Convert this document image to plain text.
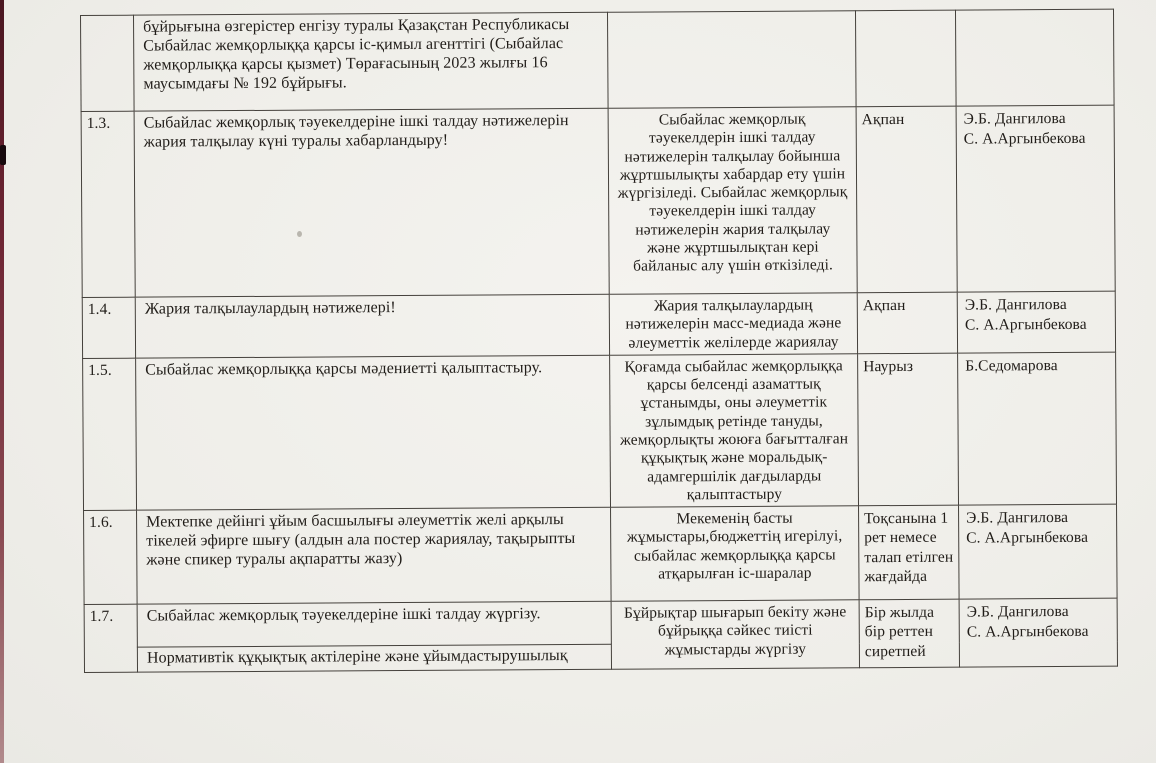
	бұйрығына өзгерістер енгізу туралы Қазақстан Республикасы Сыбайлас жемқорлыққа қарсы іс-қимыл агенттігі (Сыбайлас жемқорлыққа қарсы қызмет) Төрағасының 2023 жылғы 16 маусымдағы № 192 бұйрығы.			
1.3.	Сыбайлас жемқорлық тәуекелдеріне ішкі талдау нәтижелерін жария талқылау күні туралы хабарландыру!	Сыбайлас жемқорлық тәуекелдерін ішкі талдау нәтижелерін талқылау бойынша жұртшылықты хабардар ету үшін жүргізіледі. Сыбайлас жемқорлық тәуекелдерін ішкі талдау нәтижелерін жария талқылау және жұртшылықтан кері байланыс алу үшін өткізіледі.	Ақпан	Э.Б. Дангилова
С. А.Аргынбекова

1.4.	Жария талқылаулардың нәтижелері!	Жария талқылаулардың нәтижелерін масс-медиада және әлеуметтік желілерде жариялау	Ақпан	Э.Б. Дангилова
С. А.Аргынбекова

1.5.	Сыбайлас жемқорлыққа қарсы мәдениетті қалыптастыру.	Қоғамда сыбайлас жемқорлыққа қарсы белсенді азаматтық ұстанымды, оны әлеуметтік зұлымдық ретінде тануды, жемқорлықты жоюға бағытталған құқықтық және моральдық-адамгершілік дағдыларды қалыптастыру	Наурыз	Б.Седомарова

1.6.	Мектепке дейінгі ұйым басшылығы әлеуметтік желі арқылы тікелей эфирге шығу (алдын ала постер жариялау, тақырыпты және спикер туралы ақпаратты жазу)	Мекеменің басты жұмыстары,бюджеттің игерілуі, сыбайлас жемқорлыққа қарсы атқарылған іс-шаралар	Тоқсанына 1 рет немесе талап етілген жағдайда	Э.Б. Дангилова
С. А.Аргынбекова

1.7.	Сыбайлас жемқорлық тәуекелдеріне ішкі талдау жүргізу.	Бұйрықтар шығарып бекіту және бұйрыққа сәйкес тиісті жұмыстарды жүргізу	Бір жылда бір реттен сиретпей	Э.Б. Дангилова
С. А.Аргынбекова

	Нормативтік құқықтық актілеріне және ұйымдастырушылық			
